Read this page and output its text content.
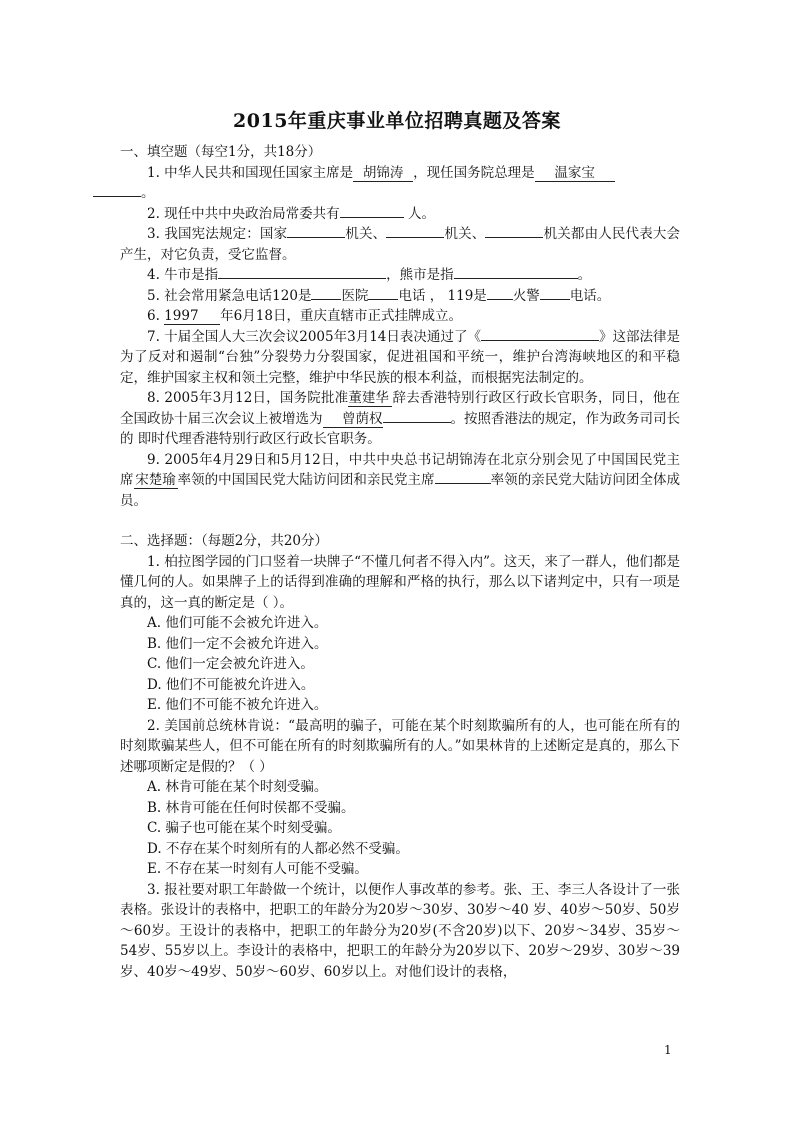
2015年重庆事业单位招聘真题及答案

一、填空题（每空1分，共18分）

1. 中华人民共和国现任国家主席是 胡锦涛 ，现任国务院总理是 温家宝
。

2. 现任中共中央政治局常委共有	人。

3. 我国宪法规定：国家	机关、	机关、	机关都由人民代表大会产生，对它负责，受它监督。

4. 牛市是指	，熊市是指	。

5. 社会常用紧急电话120是 医院 电话 ， 119是 火警 电话。

6. 1997 年6月18日，重庆直辖市正式挂牌成立。

7. 十届全国人大三次会议2005年3月14日表决通过了《	》这部法律是为了反对和遏制“台独”分裂势力分裂国家，促进祖国和平统一，维护台湾海峡地区的和平稳定，维护国家主权和领土完整，维护中华民族的根本利益，而根据宪法制定的。

8. 2005年3月12日，国务院批准董建华 辞去香港特别行政区行政长官职务，同日，他在全国政协十届三次会议上被增选为 曾荫权	。按照香港法的规定，作为政务司司长的 即时代理香港特别行政区行政长官职务。

9. 2005年4月29日和5月12日，中共中央总书记胡锦涛在北京分别会见了中国国民党主席 宋楚瑜 率领的中国国民党大陆访问团和亲民党主席	率领的亲民党大陆访问团全体成员。

二、选择题：（每题2分，共20分）

1. 柏拉图学园的门口竖着一块牌子“不懂几何者不得入内”。这天，来了一群人，他们都是懂几何的人。如果牌子上的话得到准确的理解和严格的执行，那么以下诸判定中，只有一项是真的，这一真的断定是（ ）。

A. 他们可能不会被允许进入。

B. 他们一定不会被允许进入。

C. 他们一定会被允许进入。

D. 他们不可能被允许进入。

E. 他们不可能不被允许进入。

2. 美国前总统林肯说：“最高明的骗子，可能在某个时刻欺骗所有的人，也可能在所有的时刻欺骗某些人，但不可能在所有的时刻欺骗所有的人。”如果林肯的上述断定是真的，那么下述哪项断定是假的？（ ）

A. 林肯可能在某个时刻受骗。

B. 林肯可能在任何时侯都不受骗。

C. 骗子也可能在某个时刻受骗。

D. 不存在某个时刻所有的人都必然不受骗。

E. 不存在某一时刻有人可能不受骗。

3. 报社要对职工年龄做一个统计，以便作人事改革的参考。张、王、李三人各设计了一张表格。张设计的表格中，把职工的年龄分为20岁～30岁、30岁～40 岁、40岁～50岁、50岁～60岁。王设计的表格中，把职工的年龄分为20岁(不含20岁)以下、20岁～34岁、35岁～54岁、55岁以上。李设计的表格中，把职工的年龄分为20岁以下、20岁～29岁、30岁～39岁、40岁～49岁、50岁～60岁、60岁以上。对他们设计的表格，

1
